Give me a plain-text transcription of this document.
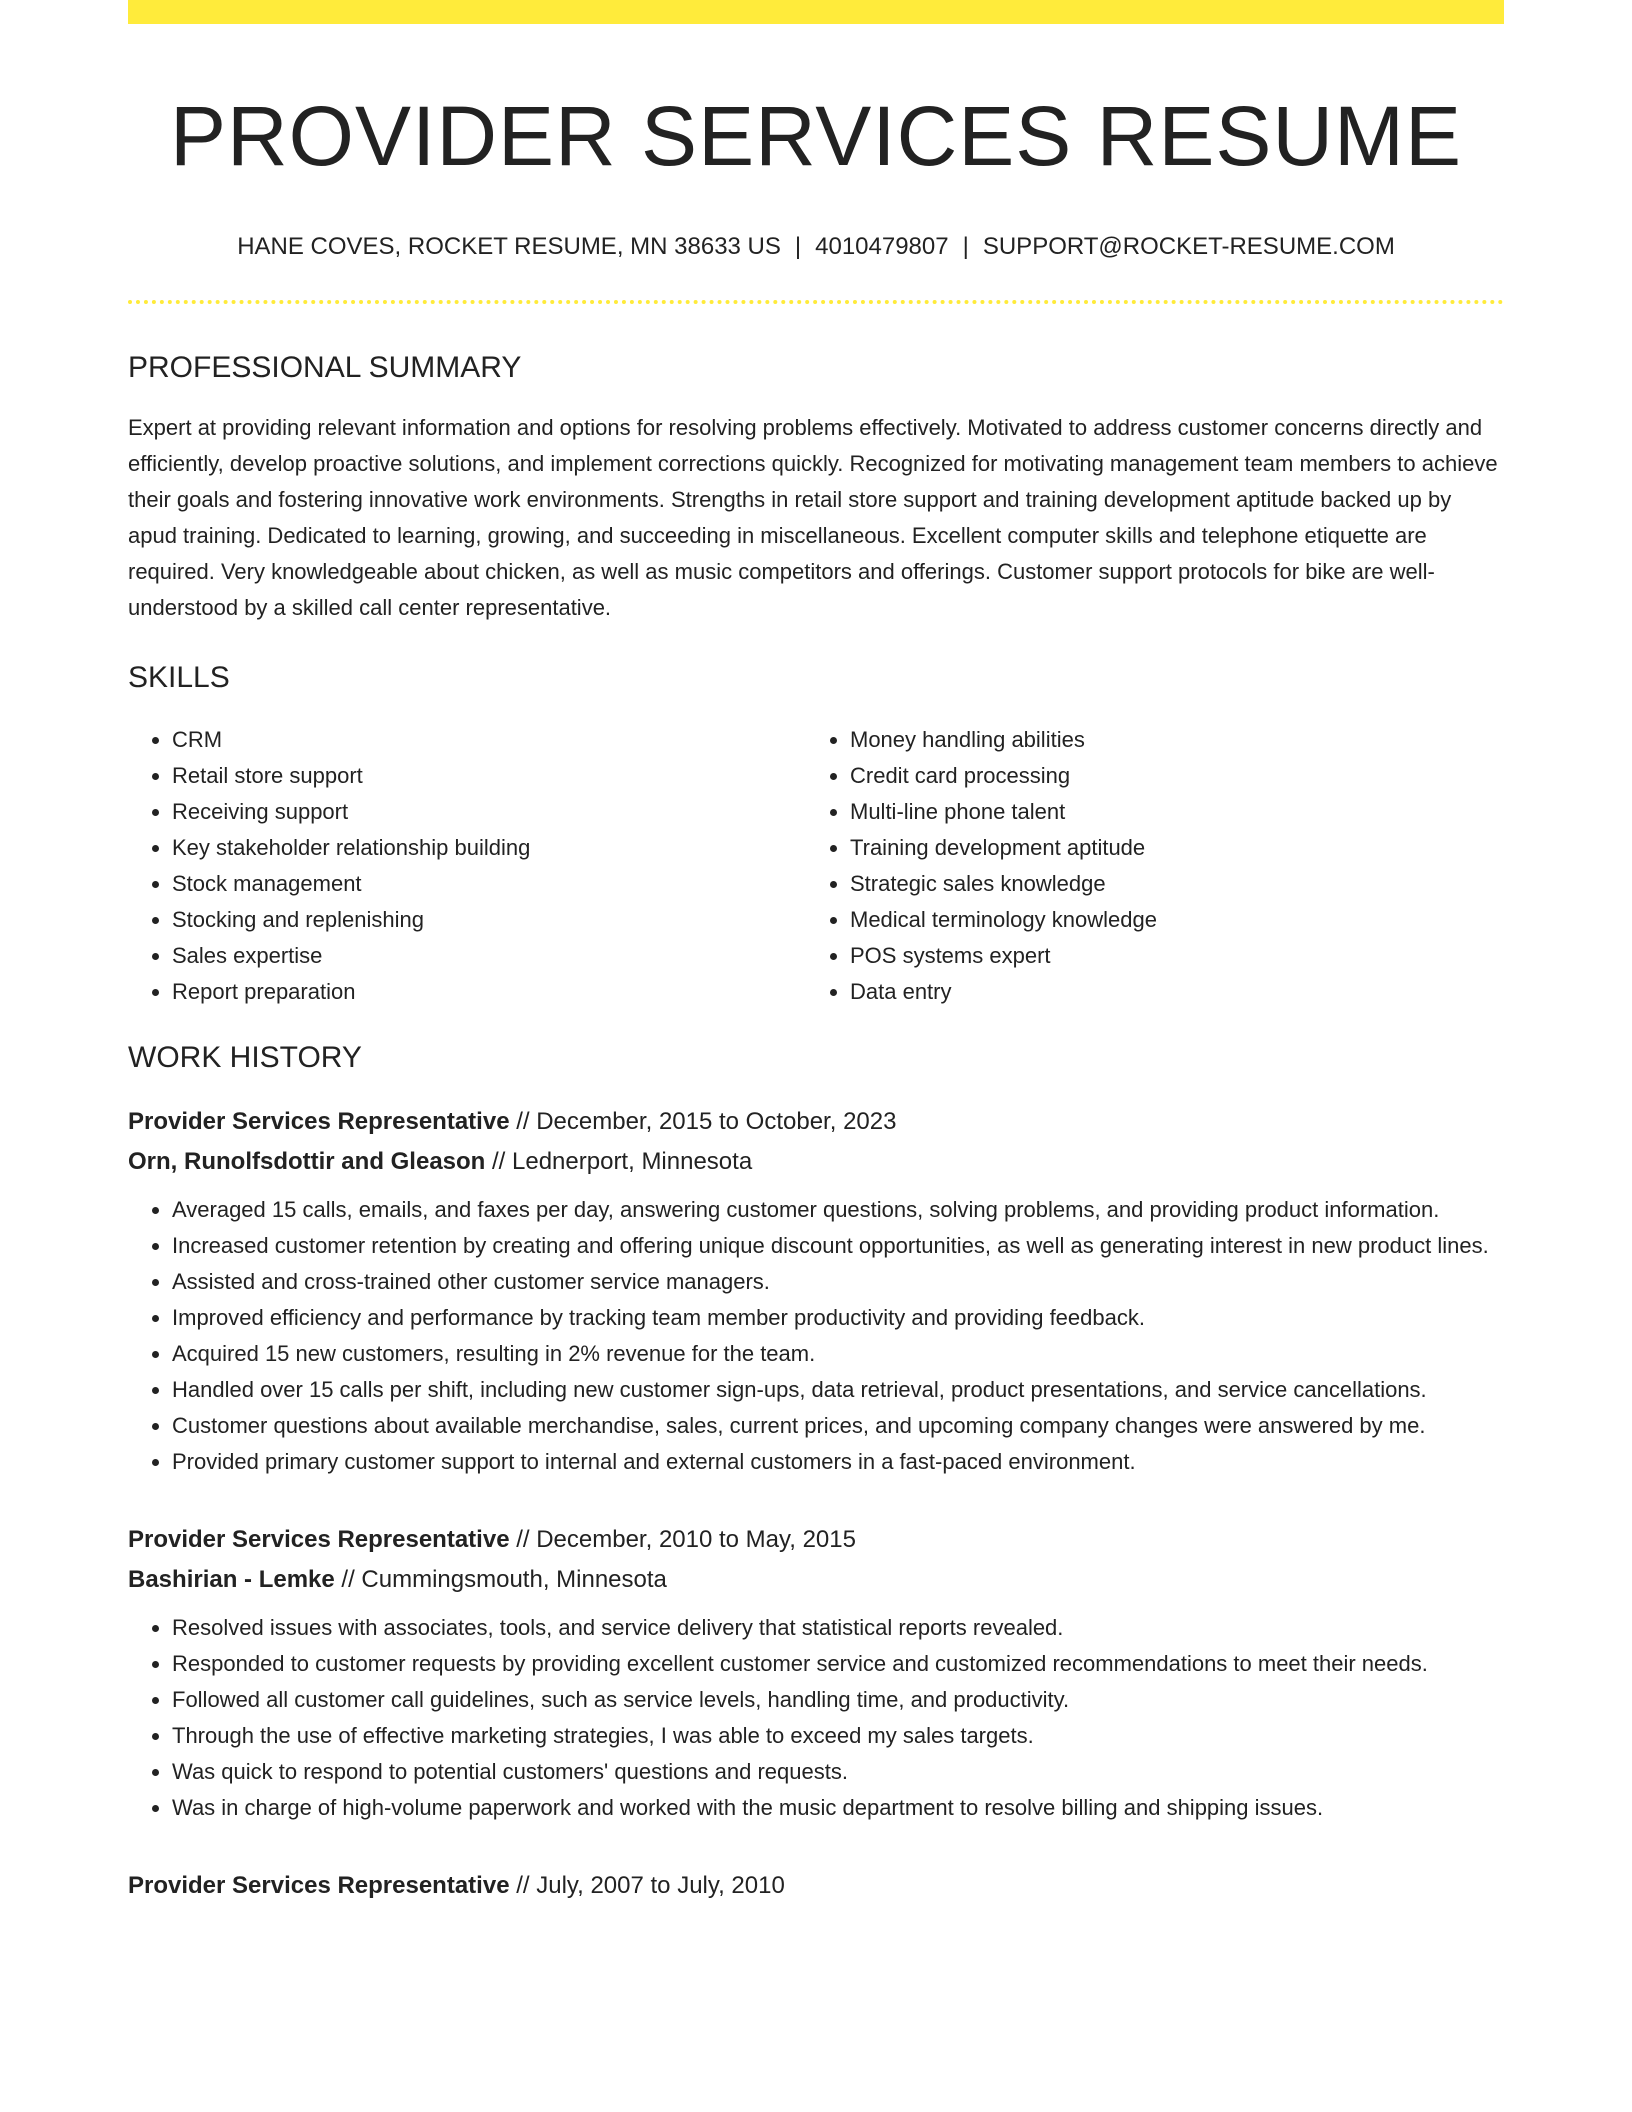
PROVIDER SERVICES RESUME
HANE COVES, ROCKET RESUME, MN 38633 US | 4010479807 | SUPPORT@ROCKET-RESUME.COM
PROFESSIONAL SUMMARY

Expert at providing relevant information and options for resolving problems effectively. Motivated to address customer concerns directly and efficiently, develop proactive solutions, and implement corrections quickly. Recognized for motivating management team members to achieve their goals and fostering innovative work environments. Strengths in retail store support and training development aptitude backed up by apud training. Dedicated to learning, growing, and succeeding in miscellaneous. Excellent computer skills and telephone etiquette are required. Very knowledgeable about chicken, as well as music competitors and offerings. Customer support protocols for bike are well-understood by a skilled call center representative.

SKILLS
• CRM
• Retail store support
• Receiving support
• Key stakeholder relationship building
• Stock management
• Stocking and replenishing
• Sales expertise
• Report preparation
• Money handling abilities
• Credit card processing
• Multi-line phone talent
• Training development aptitude
• Strategic sales knowledge
• Medical terminology knowledge
• POS systems expert
• Data entry
WORK HISTORY
Provider Services Representative // December, 2015 to October, 2023
Orn, Runolfsdottir and Gleason // Lednerport, Minnesota
• Averaged 15 calls, emails, and faxes per day, answering customer questions, solving problems, and providing product information.
• Increased customer retention by creating and offering unique discount opportunities, as well as generating interest in new product lines.
• Assisted and cross-trained other customer service managers.
• Improved efficiency and performance by tracking team member productivity and providing feedback.
• Acquired 15 new customers, resulting in 2% revenue for the team.
• Handled over 15 calls per shift, including new customer sign-ups, data retrieval, product presentations, and service cancellations.
• Customer questions about available merchandise, sales, current prices, and upcoming company changes were answered by me.
• Provided primary customer support to internal and external customers in a fast-paced environment.
Provider Services Representative // December, 2010 to May, 2015
Bashirian - Lemke // Cummingsmouth, Minnesota
• Resolved issues with associates, tools, and service delivery that statistical reports revealed.
• Responded to customer requests by providing excellent customer service and customized recommendations to meet their needs.
• Followed all customer call guidelines, such as service levels, handling time, and productivity.
• Through the use of effective marketing strategies, I was able to exceed my sales targets.
• Was quick to respond to potential customers' questions and requests.
• Was in charge of high-volume paperwork and worked with the music department to resolve billing and shipping issues.
Provider Services Representative // July, 2007 to July, 2010
